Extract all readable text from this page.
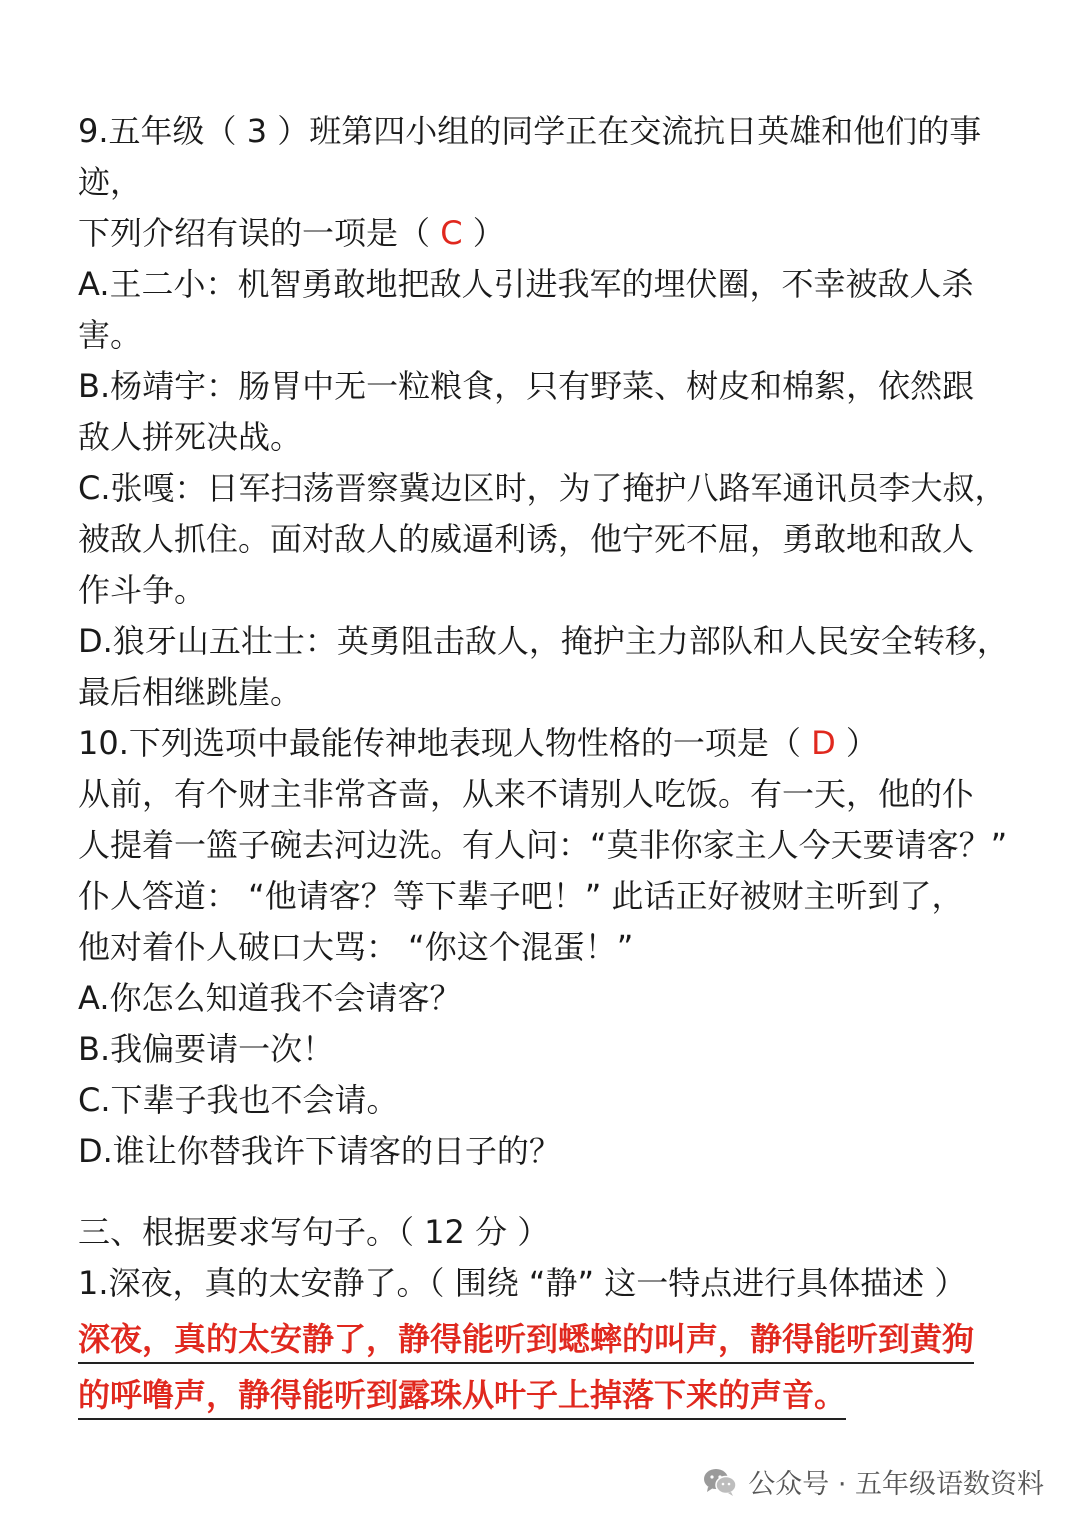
9.五年级（ 3 ）班第四小组的同学正在交流抗日英雄和他们的事迹，
下列介绍有误的一项是（ C ）
A.王二小：机智勇敢地把敌人引进我军的埋伏圈，不幸被敌人杀
害。
B.杨靖宇：肠胃中无一粒粮食，只有野菜、树皮和棉絮，依然跟
敌人拼死决战。
C.张嘎：日军扫荡晋察冀边区时，为了掩护八路军通讯员李大叔，
被敌人抓住。面对敌人的威逼利诱，他宁死不屈，勇敢地和敌人
作斗争。
D.狼牙山五壮士：英勇阻击敌人，掩护主力部队和人民安全转移，
最后相继跳崖。
10.下列选项中最能传神地表现人物性格的一项是（ D ）
从前，有个财主非常吝啬，从来不请别人吃饭。有一天，他的仆
人提着一篮子碗去河边洗。有人问：“莫非你家主人今天要请客？”
仆人答道： “他请客？等下辈子吧！” 此话正好被财主听到了，
他对着仆人破口大骂： “你这个混蛋！”
A.你怎么知道我不会请客？
B.我偏要请一次！
C.下辈子我也不会请。
D.谁让你替我许下请客的日子的？
三、根据要求写句子。（ 12 分 ）
1.深夜，真的太安静了。（ 围绕 “静” 这一特点进行具体描述 ）
深夜，真的太安静了，静得能听到蟋蟀的叫声，静得能听到黄狗
的呼噜声，静得能听到露珠从叶子上掉落下来的声音。
公众号 · 五年级语数资料
